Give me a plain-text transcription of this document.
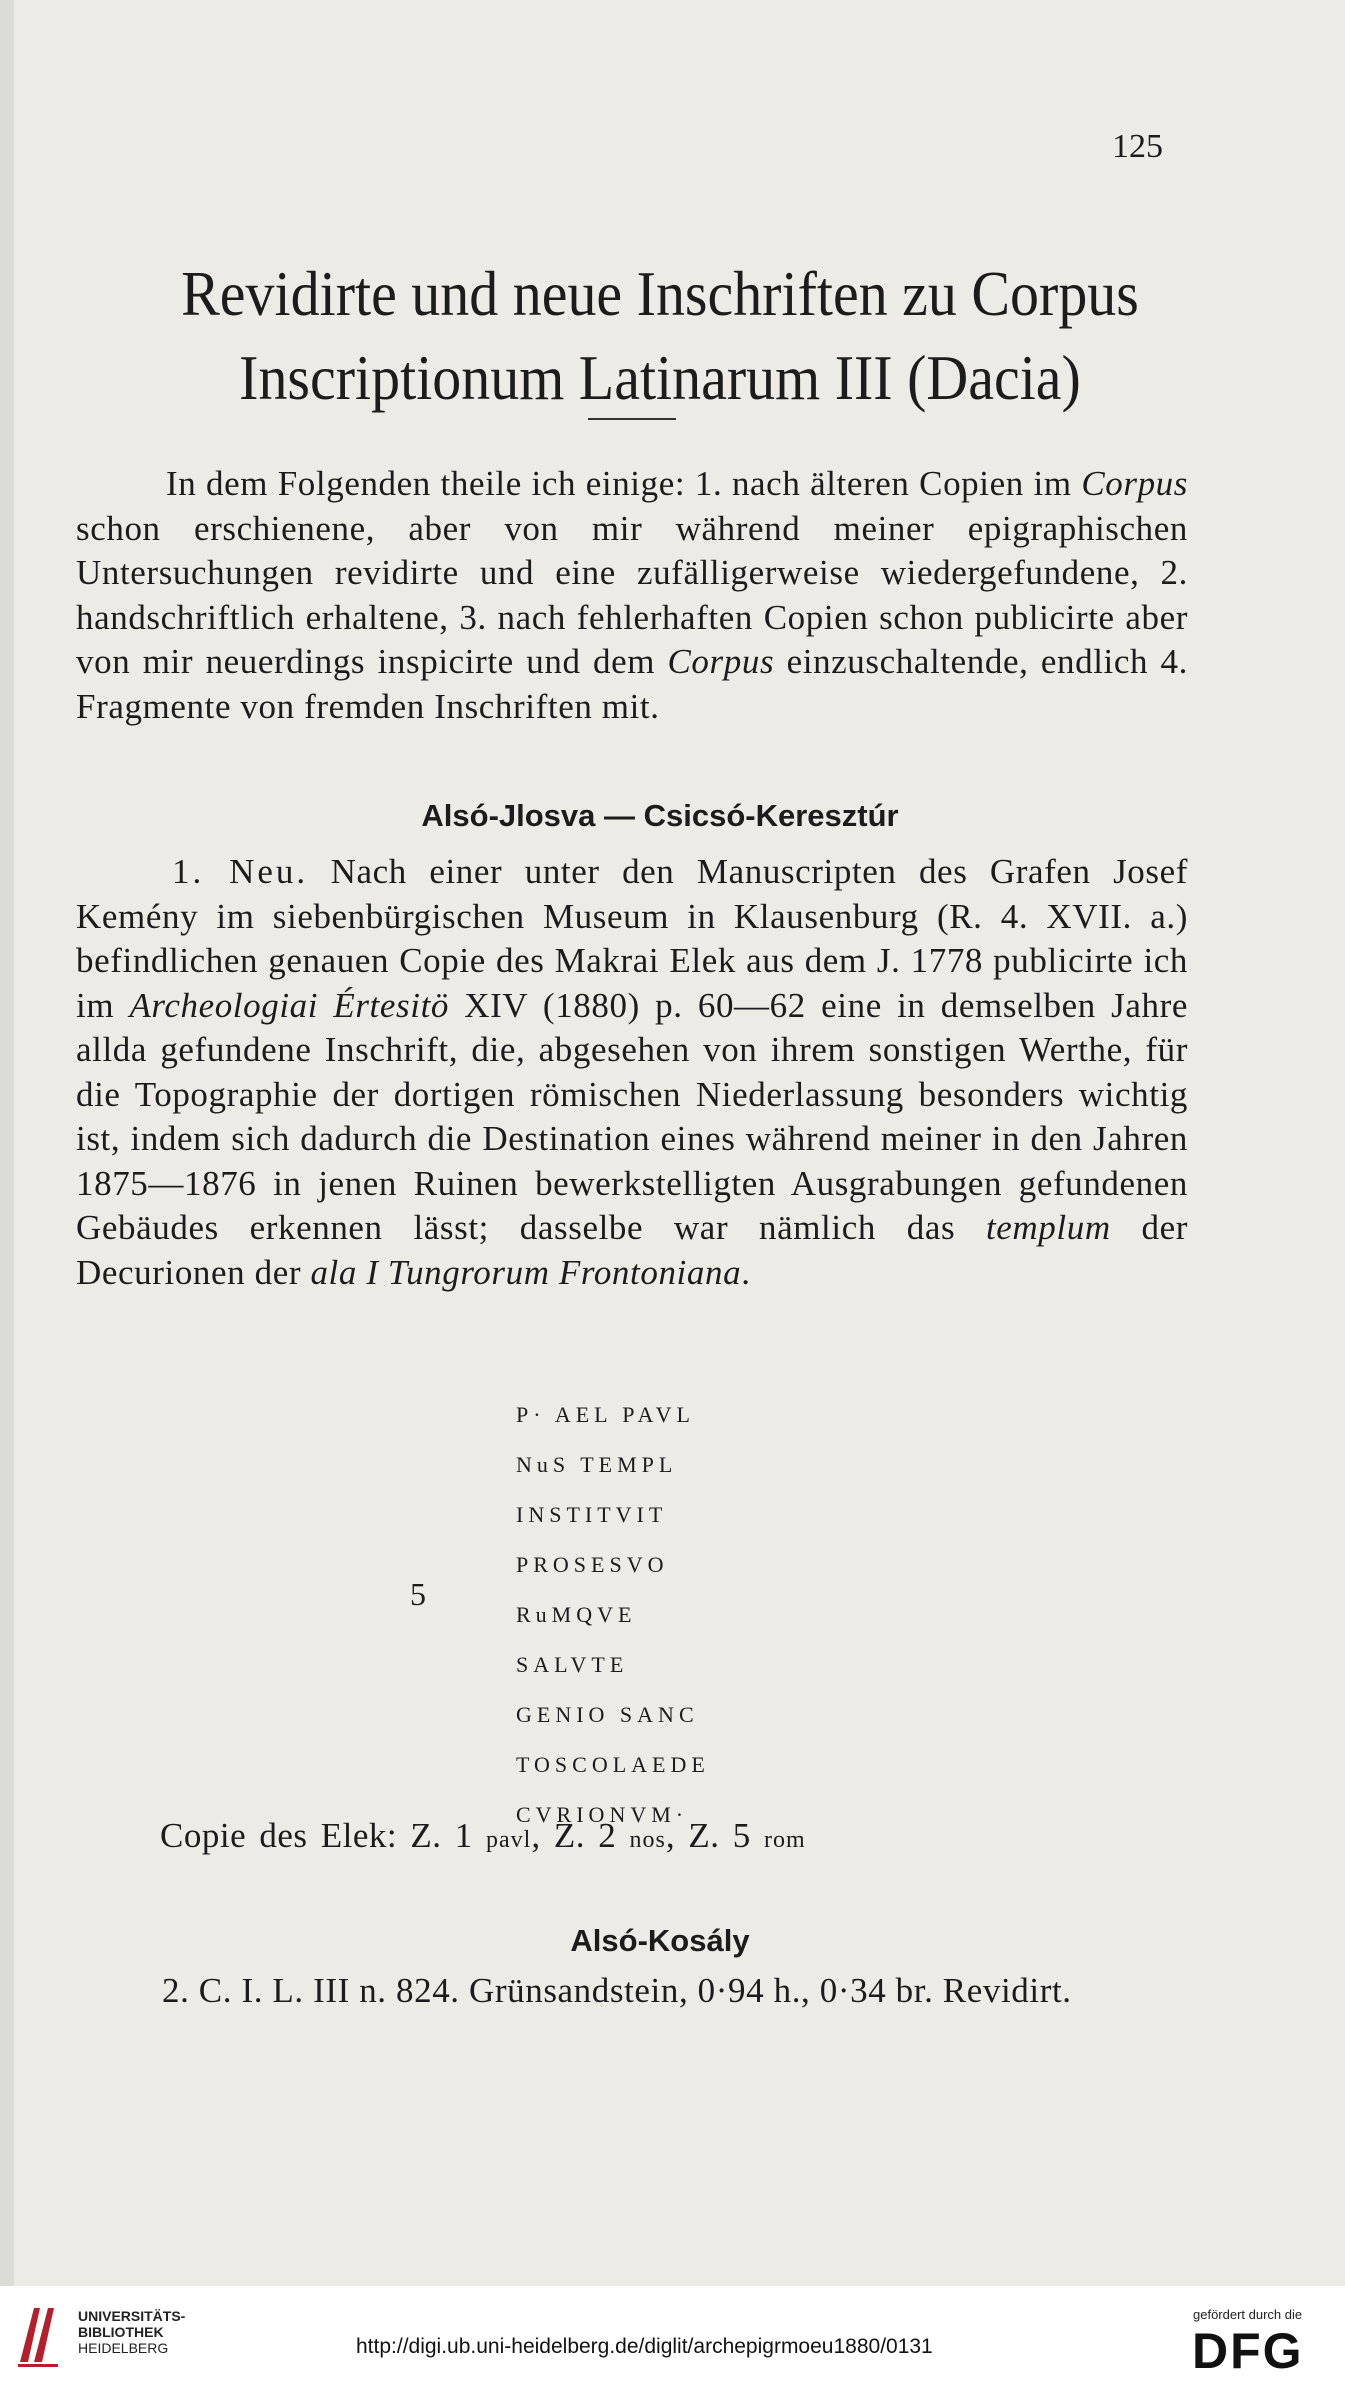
125
Revidirte und neue Inschriften zu Corpus
Inscriptionum Latinarum III (Dacia)

In dem Folgenden theile ich einige: 1. nach älteren Copien im Corpus schon erschienene, aber von mir während meiner epigraphischen Untersuchungen revidirte und eine zufälligerweise wiedergefundene, 2. handschriftlich erhaltene, 3. nach fehlerhaften Copien schon publicirte aber von mir neuerdings inspicirte und dem Corpus einzuschaltende, endlich 4. Fragmente von fremden Inschriften mit.

Alsó-Jlosva — Csicsó-Keresztúr

1. Neu. Nach einer unter den Manuscripten des Grafen Josef Kemény im siebenbürgischen Museum in Klausenburg (R. 4. XVII. a.) befindlichen genauen Copie des Makrai Elek aus dem J. 1778 publicirte ich im Archeologiai Értesitö XIV (1880) p. 60—62 eine in demselben Jahre allda gefundene Inschrift, die, abgesehen von ihrem sonstigen Werthe, für die Topographie der dortigen römischen Niederlassung besonders wichtig ist, indem sich dadurch die Destination eines während meiner in den Jahren 1875—1876 in jenen Ruinen bewerkstelligten Ausgrabungen gefundenen Gebäudes erkennen lässt; dasselbe war nämlich das templum der Decurionen der ala I Tungrorum Frontoniana.

P· AEL PAVL
NuS TEMPL
INSTITVIT
PROSESVO
RuMQVE
SALVTE
GENIO SANC
TOSCOLAEDE
CVRIONVM·
5
Copie des Elek: Z. 1 pavl, Z. 2 nos, Z. 5 rom
Alsó-Kosály

2. C. I. L. III n. 824. Grünsandstein, 0·94 h., 0·34 br. Revidirt.

UNIVERSITÄTS-
BIBLIOTHEK
HEIDELBERG	http://digi.ub.uni-heidelberg.de/diglit/archepigrmoeu1880/0131
gefördert durch die
DFG
